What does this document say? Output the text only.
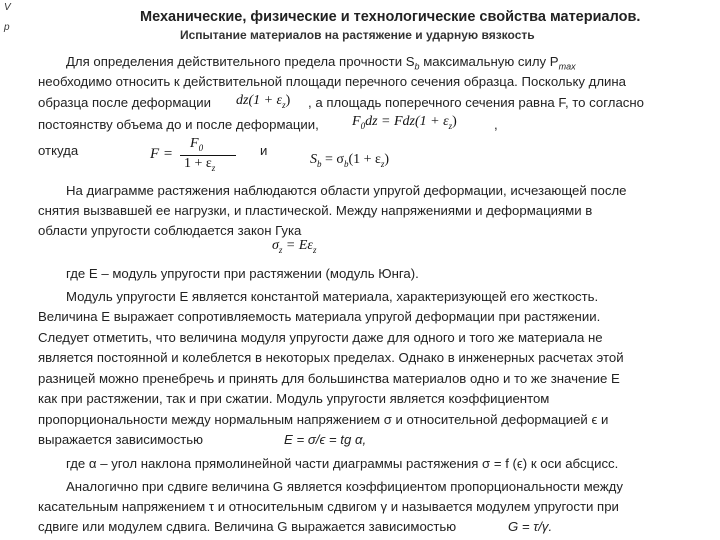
V
p
Механические, физические и технологические свойства материалов.
Испытание материалов на растяжение и ударную вязкость
Для определения действительного предела прочности $S_b$ максимальную силу $P_{max}$
необходимо относить к действительной площади перечного сечения образца. Поскольку длина
образца после деформации $dz(1 + \varepsilon_z)$ , а площадь поперечного сечения равна F, то согласно
постоянству объема до и после деформации, $F_0dz = Fdz(1 + \varepsilon_z)$	,
откуда	F =
$F_0$
$1 + \varepsilon_z$
и
$S_b = \sigma_b(1 + \varepsilon_z)$
На диаграмме растяжения наблюдаются области упругой деформации, исчезающей после
снятия вызвавшей ее нагрузки, и пластической. Между напряжениями и деформациями в
области упругости соблюдается закон Гука
$\sigma_z = E\varepsilon_z$
где Е – модуль упругости при растяжении (модуль Юнга).
Модуль упругости Е является константой материала, характеризующей его жесткость.
Величина Е выражает сопротивляемость материала упругой деформации при растяжении.
Следует отметить, что величина модуля упругости даже для одного и того же материала не
является постоянной и колеблется в некоторых пределах. Однако в инженерных расчетах этой
разницей можно пренебречь и принять для большинства материалов одно и то же значение Е
как при растяжении, так и при сжатии. Модуль упругости является коэффициентом
пропорциональности между нормальным напряжением σ и относительной деформацией ϵ и
выражается зависимостью	E = σ/ϵ = tg α,
где α – угол наклона прямолинейной части диаграммы растяжения σ = f (ϵ) к оси абсцисс.
Аналогично при сдвиге величина G является коэффициентом пропорциональности между
касательным напряжением τ и относительным сдвигом γ и называется модулем упругости при
сдвиге или модулем сдвига. Величина G выражается зависимостью	G = τ/γ.
